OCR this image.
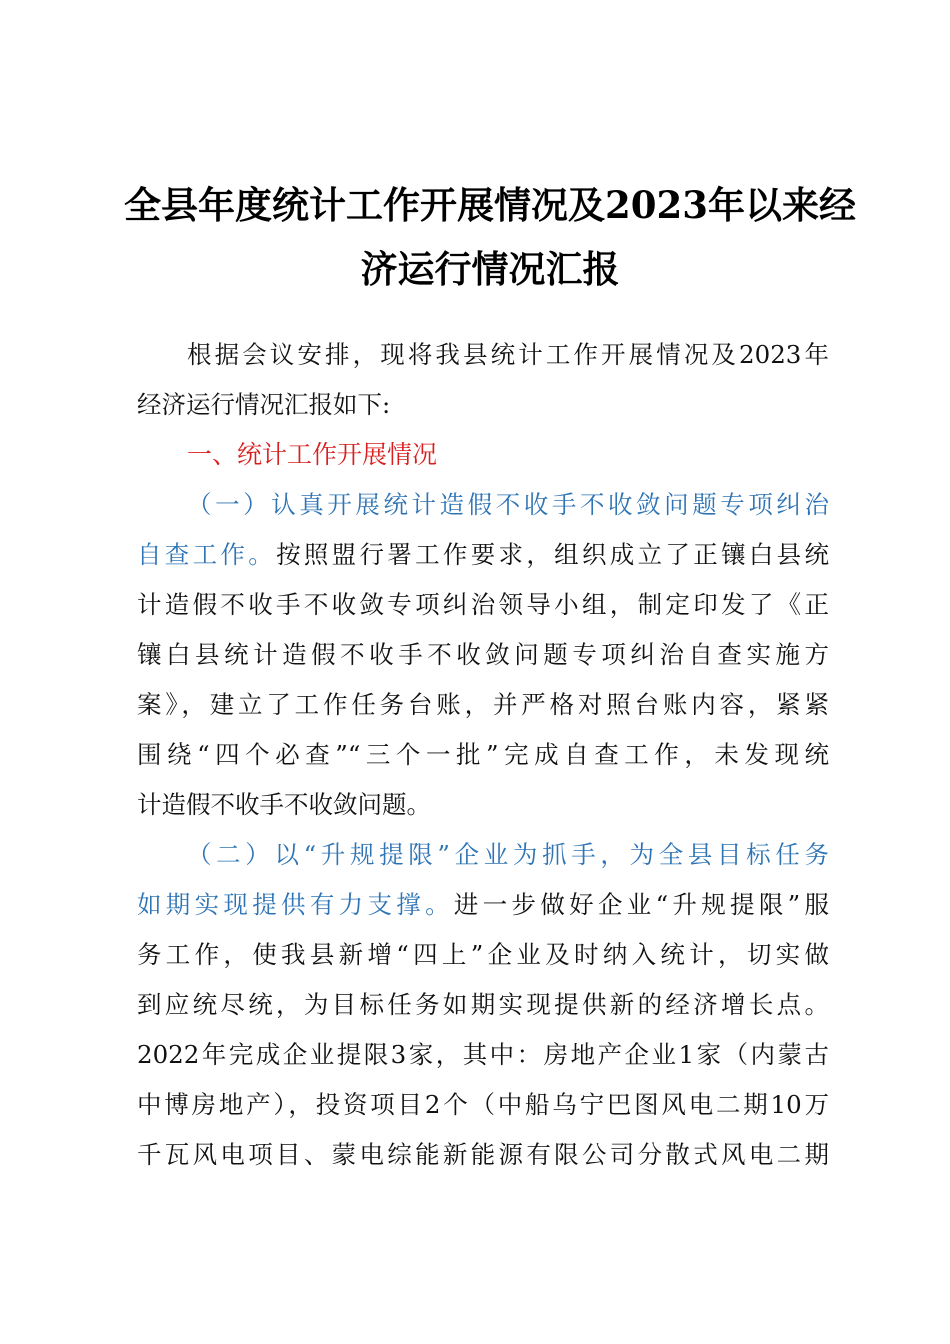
全县年度统计工作开展情况及2023年以来经
济运行情况汇报
根据会议安排，现将我县统计工作开展情况及2023年
经济运行情况汇报如下:
一、统计工作开展情况
（一）认真开展统计造假不收手不收敛问题专项纠治
自查工作。按照盟行署工作要求，组织成立了正镶白县统
计造假不收手不收敛专项纠治领导小组，制定印发了《正
镶白县统计造假不收手不收敛问题专项纠治自查实施方
案》，建立了工作任务台账，并严格对照台账内容，紧紧
围绕“四个必查”“三个一批”完成自查工作，未发现统
计造假不收手不收敛问题。
（二）以“升规提限”企业为抓手，为全县目标任务
如期实现提供有力支撑。进一步做好企业“升规提限”服
务工作，使我县新增“四上”企业及时纳入统计，切实做
到应统尽统，为目标任务如期实现提供新的经济增长点。
2022年完成企业提限3家，其中：房地产企业1家（内蒙古
中博房地产），投资项目2个（中船乌宁巴图风电二期10万
千瓦风电项目、蒙电综能新能源有限公司分散式风电二期
